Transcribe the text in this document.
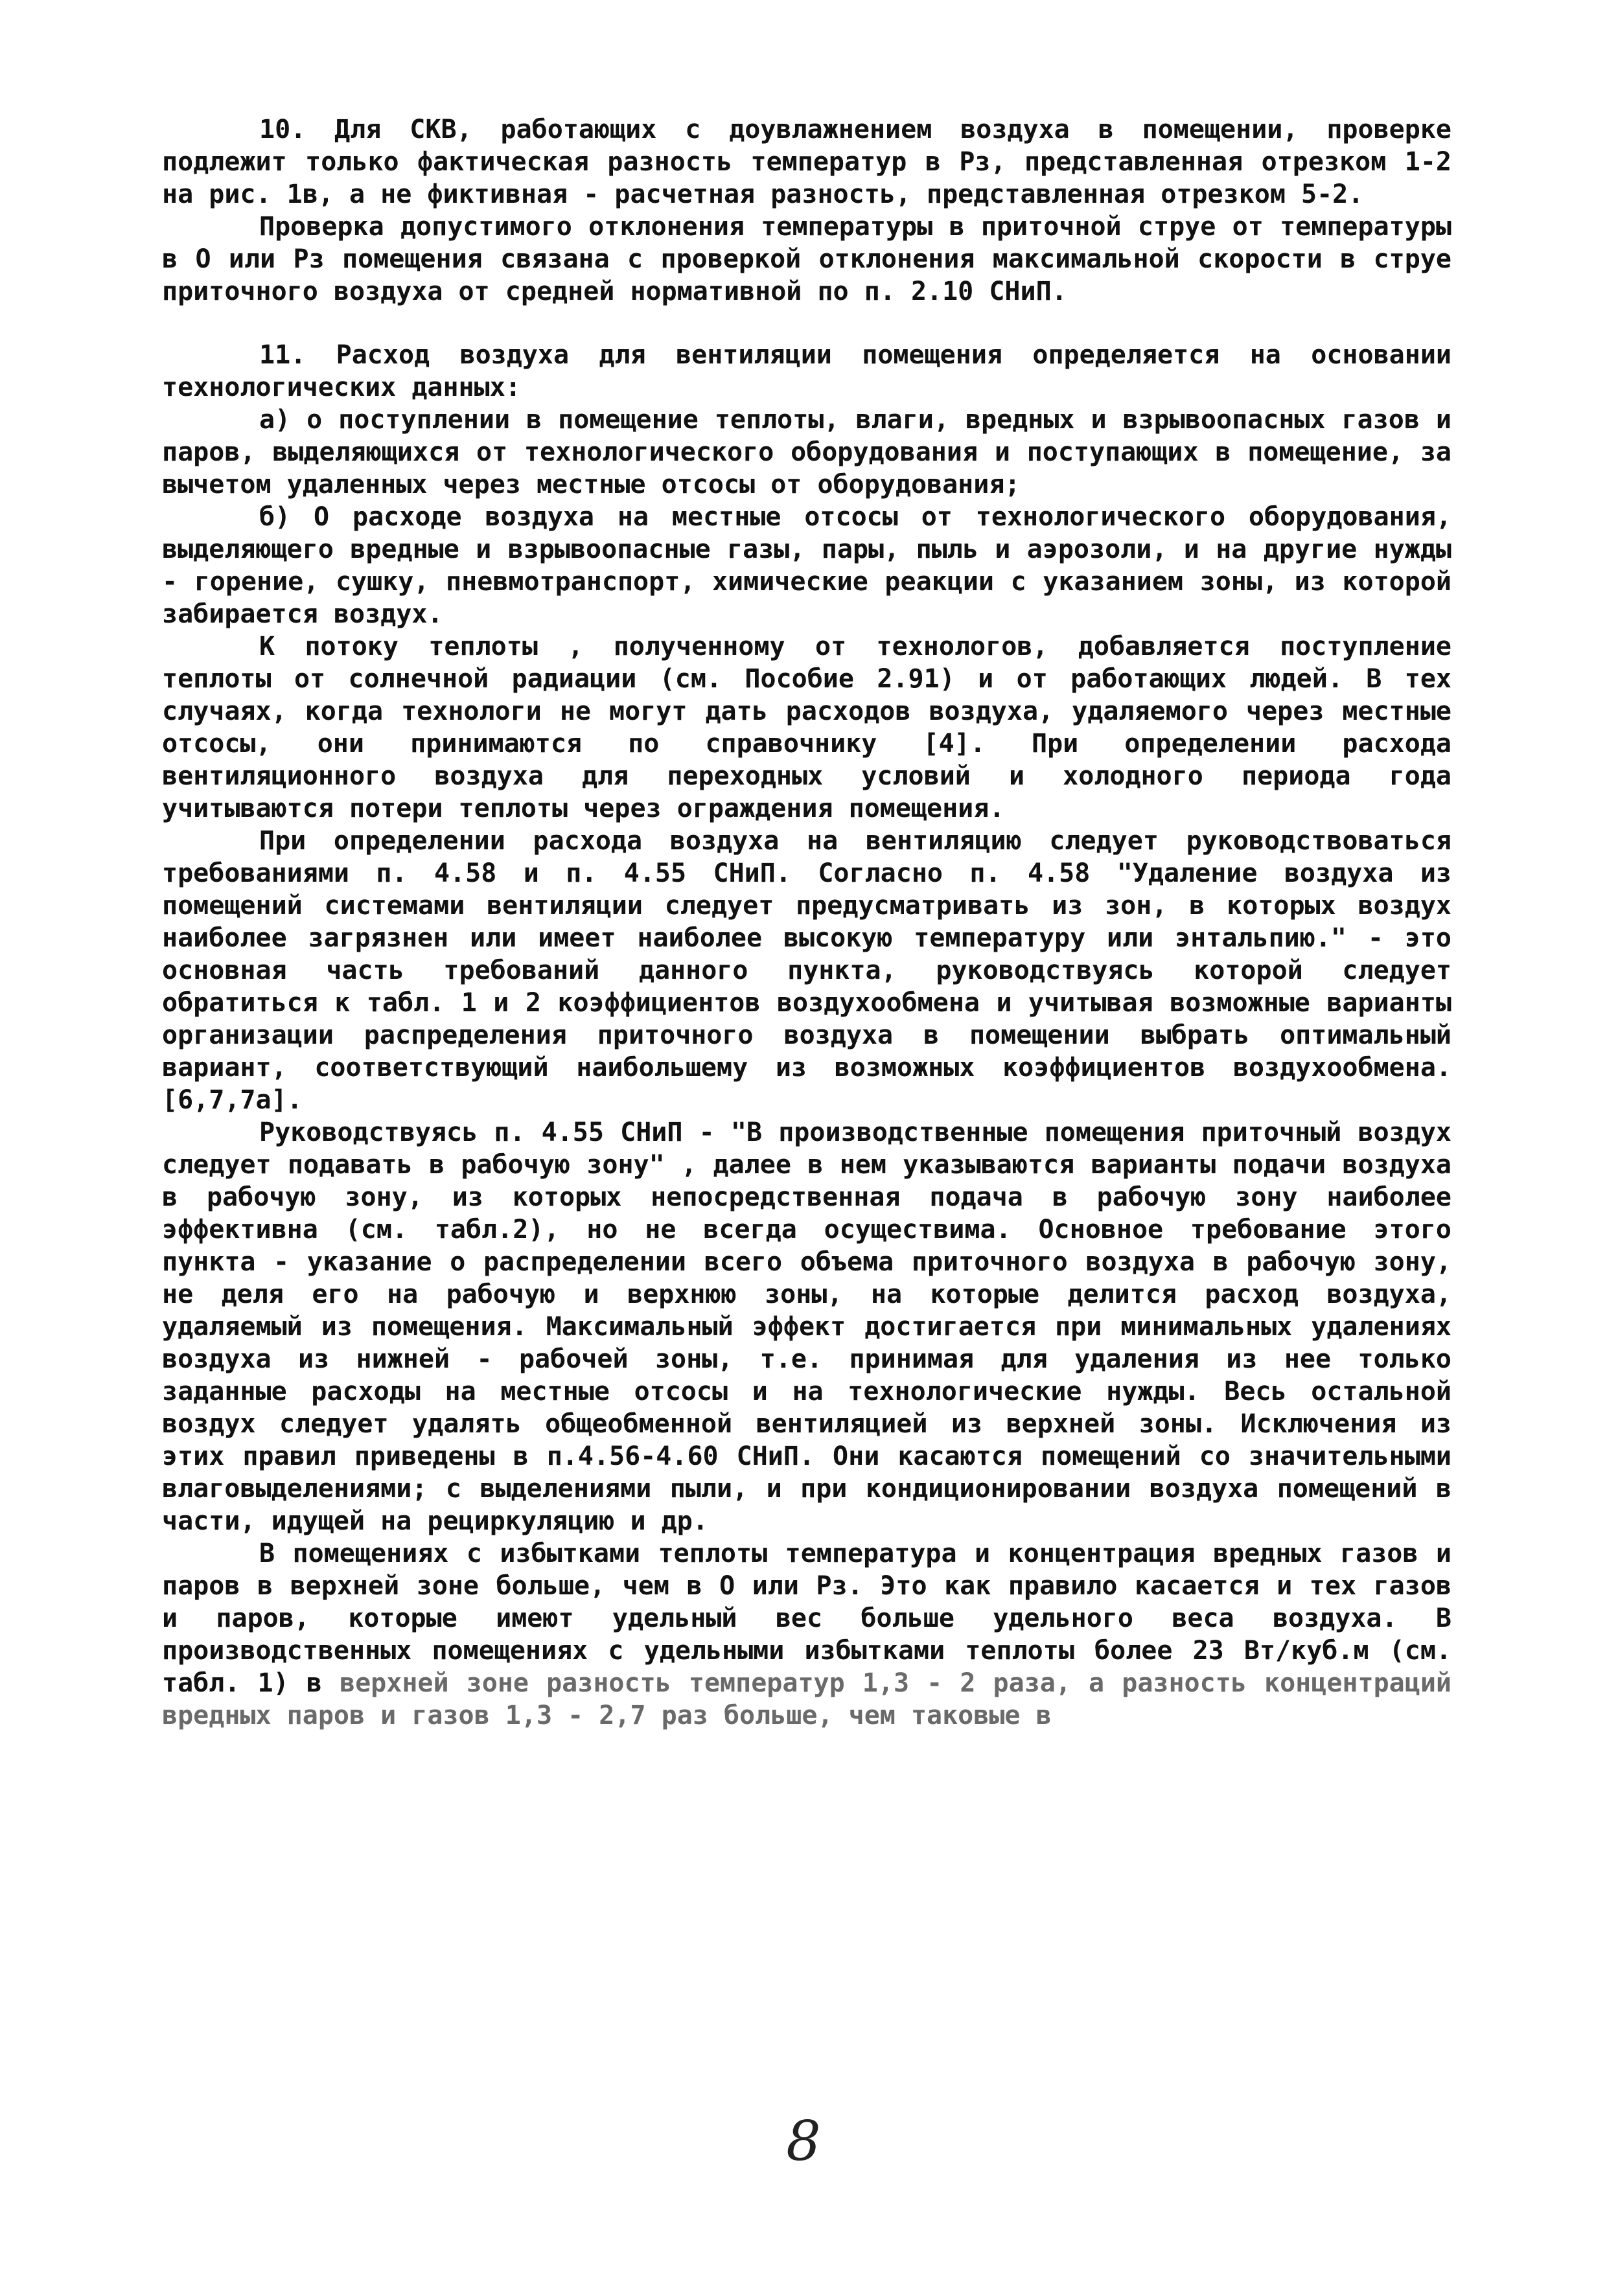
10. Для СКВ, работающих с доувлажнением воздуха в помещении, проверке подлежит только фактическая разность температур в Рз, представленная отрезком 1-2 на рис. 1в, а не фиктивная - расчетная разность, представленная отрезком 5-2.

Проверка допустимого отклонения температуры в приточной струе от температуры в О или Рз помещения связана с проверкой отклонения максимальной скорости в струе приточного воздуха от средней нормативной по п. 2.10 СНиП.

11. Расход воздуха для вентиляции помещения определяется на основании технологических данных:

а) о поступлении в помещение теплоты, влаги, вредных и взрывоопасных газов и паров, выделяющихся от технологического оборудования и поступающих в помещение, за вычетом удаленных через местные отсосы от оборудования;

б) О расходе воздуха на местные отсосы от технологического оборудования, выделяющего вредные и взрывоопасные газы, пары, пыль и аэрозоли, и на другие нужды - горение, сушку, пневмотранспорт, химические реакции с указанием зоны, из которой забирается воздух.

К потоку теплоты , полученному от технологов, добавляется поступление теплоты от солнечной радиации (см. Пособие 2.91) и от работающих людей. В тех случаях, когда технологи не могут дать расходов воздуха, удаляемого через местные отсосы, они принимаются по справочнику [4]. При определении расхода вентиляционного воздуха для переходных условий и холодного периода года учитываются потери теплоты через ограждения помещения.

При определении расхода воздуха на вентиляцию следует руководствоваться требованиями п. 4.58 и п. 4.55 СНиП. Согласно п. 4.58 "Удаление воздуха из помещений системами вентиляции следует предусматривать из зон, в которых воздух наиболее загрязнен или имеет наиболее высокую температуру или энтальпию." - это основная часть требований данного пункта, руководствуясь которой следует обратиться к табл. 1 и 2 коэффициентов воздухообмена и учитывая возможные варианты организации распределения приточного воздуха в помещении выбрать оптимальный вариант, соответствующий наибольшему из возможных коэффициентов воздухообмена.[6,7,7а].

Руководствуясь п. 4.55 СНиП - "В производственные помещения приточный воздух следует подавать в рабочую зону" , далее в нем указываются варианты подачи воздуха в рабочую зону, из которых непосредственная подача в рабочую зону наиболее эффективна (см. табл.2), но не всегда осуществима. Основное требование этого пункта - указание о распределении всего объема приточного воздуха в рабочую зону, не деля его на рабочую и верхнюю зоны, на которые делится расход воздуха, удаляемый из помещения. Максимальный эффект достигается при минимальных удалениях воздуха из нижней - рабочей зоны, т.е. принимая для удаления из нее только заданные расходы на местные отсосы и на технологические нужды. Весь остальной воздух следует удалять общеобменной вентиляцией из верхней зоны. Исключения из этих правил приведены в п.4.56-4.60 СНиП. Они касаются помещений со значительными влаговыделениями; с выделениями пыли, и при кондиционировании воздуха помещений в части, идущей на рециркуляцию и др.

В помещениях с избытками теплоты температура и концентрация вредных газов и паров в верхней зоне больше, чем в О или Рз. Это как правило касается и тех газов и паров, которые имеют удельный вес больше удельного веса воздуха. В производственных помещениях с удельными избытками теплоты более 23 Вт/куб.м (см. табл. 1) в верхней зоне разность температур 1,3 - 2 раза, а разность концентраций вредных паров и газов 1,3 - 2,7 раз больше, чем таковые в

8
